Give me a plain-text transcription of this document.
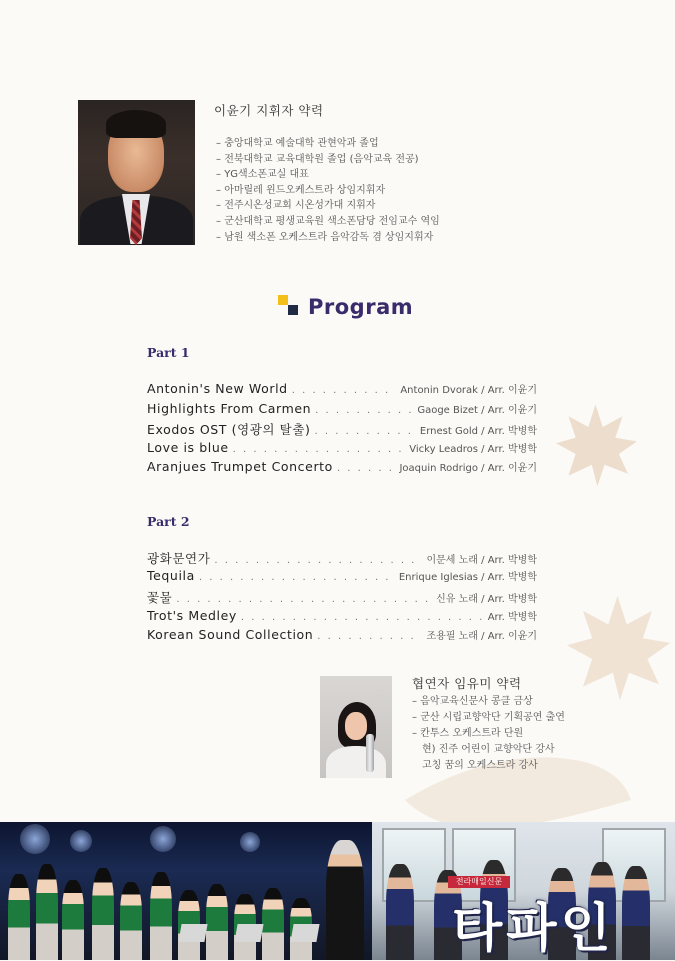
이윤기 지휘자 약력
– 충앙대학교 예술대학 관현악과 졸업
– 전북대학교 교육대학원 졸업 (음악교육 전공)
– YG색소폰교실 대표
– 아마릴레 윈드오케스트라 상임지휘자
– 전주시온성교회 시온성가대 지휘자
– 군산대학교 평생교육원 색소폰담당 전임교수 역임
– 남원 색소폰 오케스트라 음악감독 겸 상임지휘자
Program
Part 1
Antonin's New World . . .	Antonin Dvorak / Arr. 이윤기
Highlights From Carmen . . .	Gaoge Bizet / Arr. 이윤기
Exodos OST (영광의 탈출) . . .	Ernest Gold / Arr. 박병학
Love is blue . . .	Vicky Leadros / Arr. 박병학
Aranjues Trumpet Concerto . . .	Joaquin Rodrigo / Arr. 이윤기
Part 2
광화문연가 . . .	이문세 노래 / Arr. 박병학
Tequila . . .	Enrique Iglesias / Arr. 박병학
꽃물 . . .	신유 노래 / Arr. 박병학
Trot's Medley . . .	Arr. 박병학
Korean Sound Collection . . .	조용필 노래 / Arr. 이윤기
협연자 임유미 약력
– 음악교육신문사 콩클 금상
– 군산 시립교향악단 기획공연 출연
– 칸투스 오케스트라 단원
현) 진주 어린이 교향악단 강사
고칭 꿈의 오케스트라 강사
전라매일신문
타파인
